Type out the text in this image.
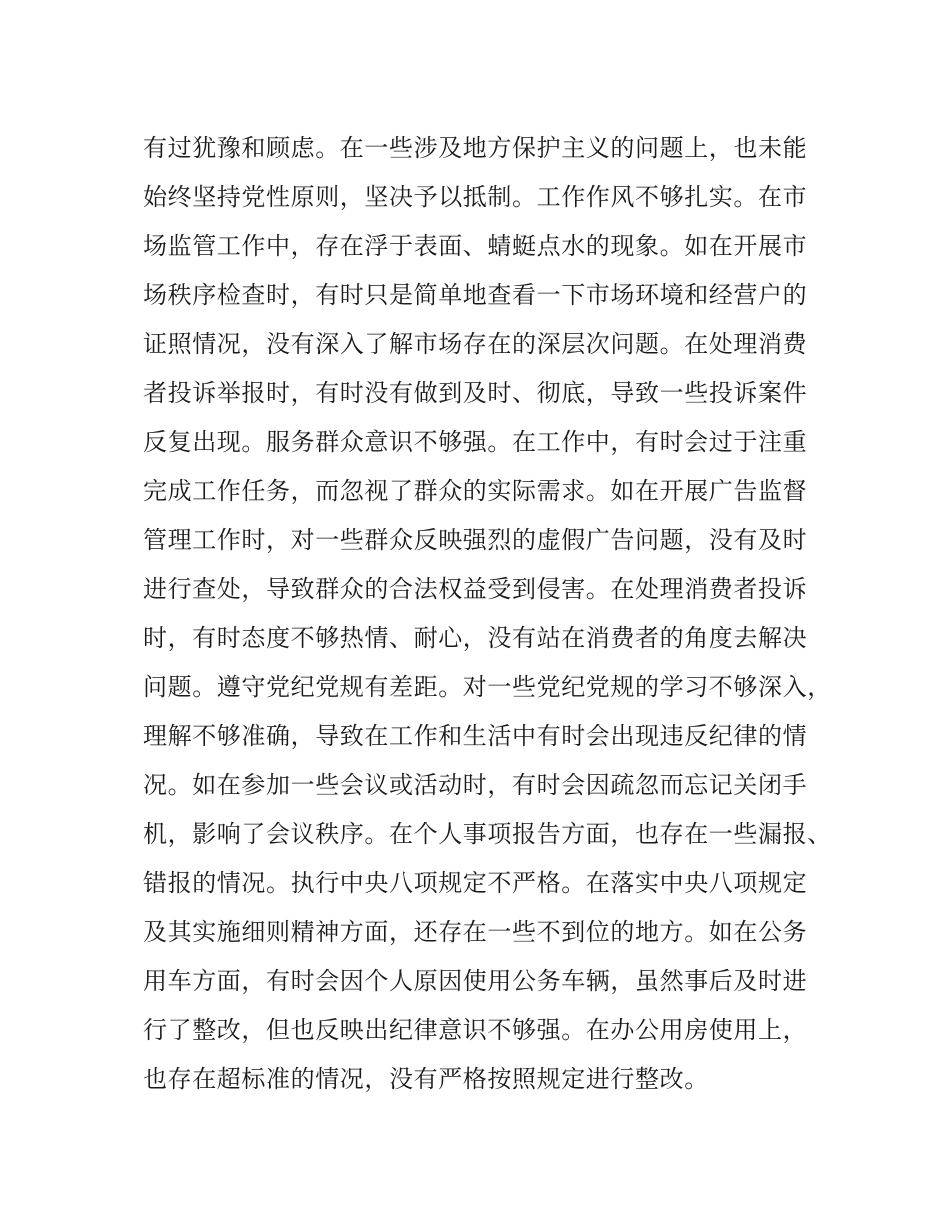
有过犹豫和顾虑。在一些涉及地方保护主义的问题上，也未能
始终坚持党性原则，坚决予以抵制。工作作风不够扎实。在市
场监管工作中，存在浮于表面、蜻蜓点水的现象。如在开展市
场秩序检查时，有时只是简单地查看一下市场环境和经营户的
证照情况，没有深入了解市场存在的深层次问题。在处理消费
者投诉举报时，有时没有做到及时、彻底，导致一些投诉案件
反复出现。服务群众意识不够强。在工作中，有时会过于注重
完成工作任务，而忽视了群众的实际需求。如在开展广告监督
管理工作时，对一些群众反映强烈的虚假广告问题，没有及时
进行查处，导致群众的合法权益受到侵害。在处理消费者投诉
时，有时态度不够热情、耐心，没有站在消费者的角度去解决
问题。遵守党纪党规有差距。对一些党纪党规的学习不够深入，
理解不够准确，导致在工作和生活中有时会出现违反纪律的情
况。如在参加一些会议或活动时，有时会因疏忽而忘记关闭手
机，影响了会议秩序。在个人事项报告方面，也存在一些漏报、
错报的情况。执行中央八项规定不严格。在落实中央八项规定
及其实施细则精神方面，还存在一些不到位的地方。如在公务
用车方面，有时会因个人原因使用公务车辆，虽然事后及时进
行了整改，但也反映出纪律意识不够强。在办公用房使用上，
也存在超标准的情况，没有严格按照规定进行整改。
